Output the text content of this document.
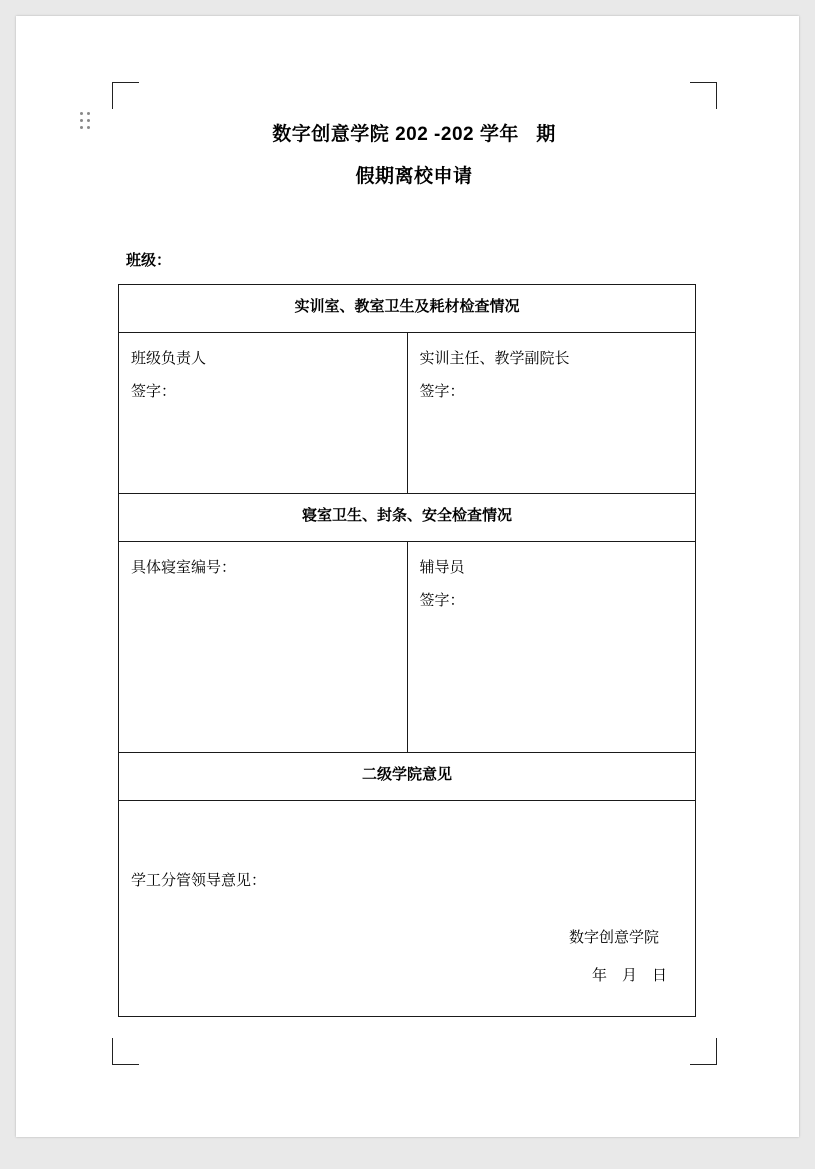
数字创意学院 202 -202 学年   期
假期离校申请
班级：
实训室、教室卫生及耗材检查情况	

班级负责人
签字：

实训主任、教学副院长
签字：

寝室卫生、封条、安全检查情况	

具体寝室编号：	辅导员
签字：

二级学院意见	

学工分管领导意见：
数字创意学院
年    月    日	
